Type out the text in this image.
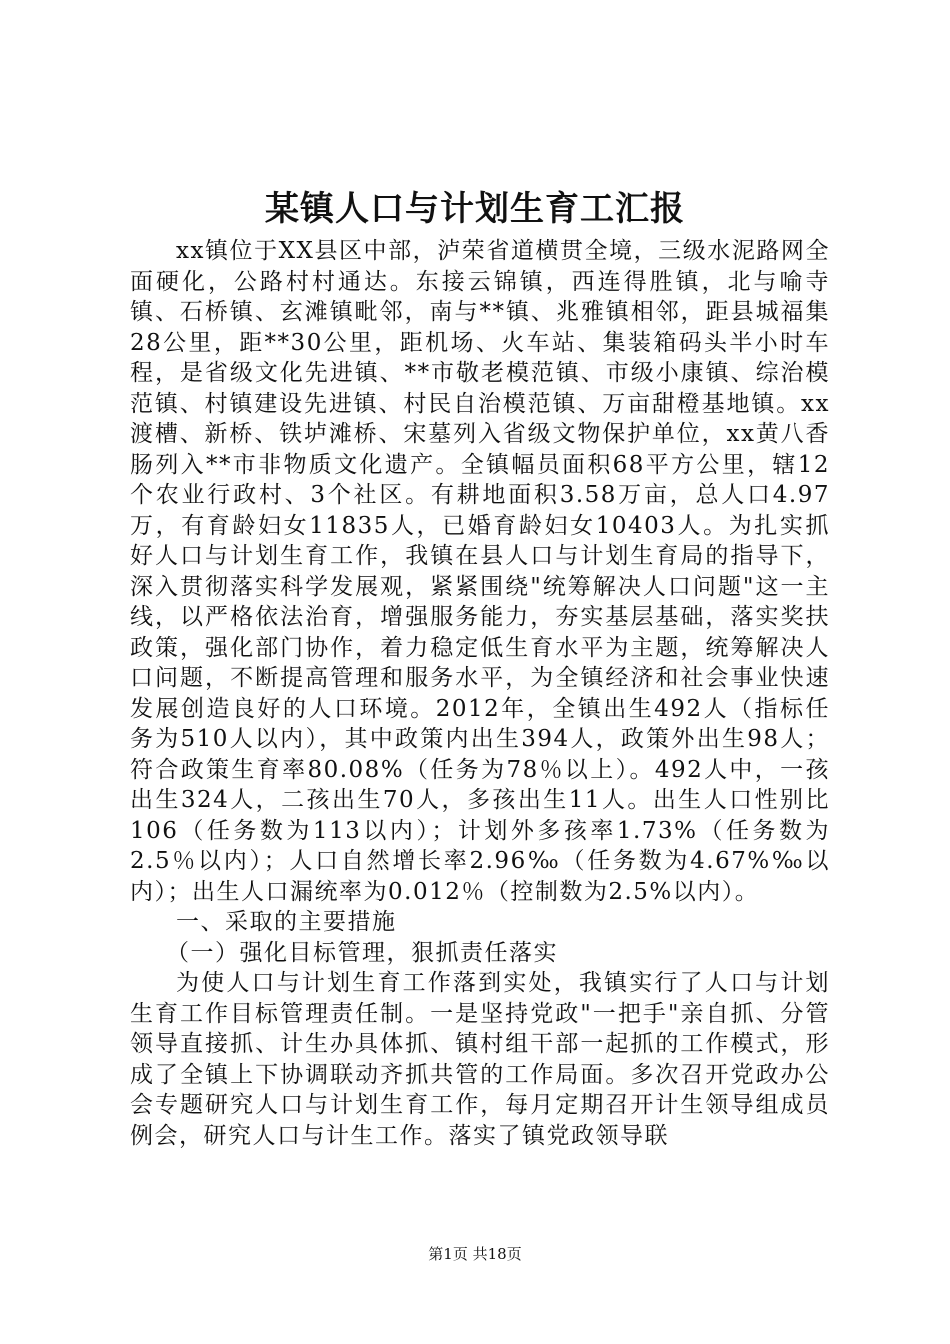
某镇人口与计划生育工汇报

xx镇位于XX县区中部，泸荣省道横贯全境，三级水泥路网全面硬化，公路村村通达。东接云锦镇，西连得胜镇，北与喻寺镇、石桥镇、玄滩镇毗邻，南与**镇、兆雅镇相邻，距县城福集28公里，距**30公里，距机场、火车站、集装箱码头半小时车程，是省级文化先进镇、**市敬老模范镇、市级小康镇、综治模范镇、村镇建设先进镇、村民自治模范镇、万亩甜橙基地镇。xx渡槽、新桥、铁垆滩桥、宋墓列入省级文物保护单位，xx黄八香肠列入**市非物质文化遗产。全镇幅员面积68平方公里，辖12个农业行政村、3个社区。有耕地面积3.58万亩，总人口4.97万，有育龄妇女11835人，已婚育龄妇女10403人。为扎实抓好人口与计划生育工作，我镇在县人口与计划生育局的指导下，深入贯彻落实科学发展观，紧紧围绕"统筹解决人口问题"这一主线，以严格依法治育，增强服务能力，夯实基层基础，落实奖扶政策，强化部门协作，着力稳定低生育水平为主题，统筹解决人口问题，不断提高管理和服务水平，为全镇经济和社会事业快速发展创造良好的人口环境。2012年，全镇出生492人（指标任务为510人以内），其中政策内出生394人，政策外出生98人；符合政策生育率80.08%（任务为78％以上）。492人中，一孩出生324人，二孩出生70人，多孩出生11人。出生人口性别比106（任务数为113以内）；计划外多孩率1.73%（任务数为2.5％以内）；人口自然增长率2.96‰（任务数为4.67%‰以内）；出生人口漏统率为0.012％（控制数为2.5%以内）。

一、采取的主要措施

（一）强化目标管理，狠抓责任落实

为使人口与计划生育工作落到实处，我镇实行了人口与计划生育工作目标管理责任制。一是坚持党政"一把手"亲自抓、分管领导直接抓、计生办具体抓、镇村组干部一起抓的工作模式，形成了全镇上下协调联动齐抓共管的工作局面。多次召开党政办公会专题研究人口与计划生育工作，每月定期召开计生领导组成员例会，研究人口与计生工作。落实了镇党政领导联

第1页 共18页
